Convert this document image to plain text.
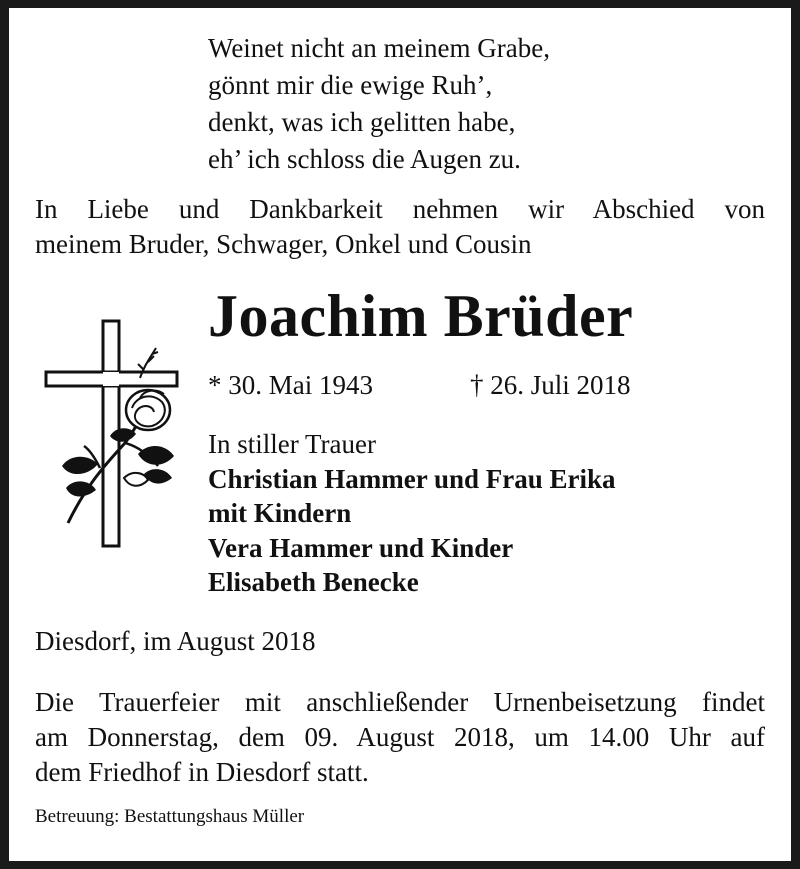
Weinet nicht an meinem Grabe,
gönnt mir die ewige Ruh’,
denkt, was ich gelitten habe,
eh’ ich schloss die Augen zu.
In Liebe und Dankbarkeit nehmen wir Abschied von
meinem Bruder, Schwager, Onkel und Cousin
Joachim Brüder
* 30. Mai 1943	† 26. Juli 2018
In stiller Trauer
Christian Hammer und Frau Erika
mit Kindern
Vera Hammer und Kinder
Elisabeth Benecke
Diesdorf, im August 2018
Die Trauerfeier mit anschließender Urnenbeisetzung findet
am Donnerstag, dem 09. August 2018, um 14.00 Uhr auf
dem Friedhof in Diesdorf statt.
Betreuung: Bestattungshaus Müller
